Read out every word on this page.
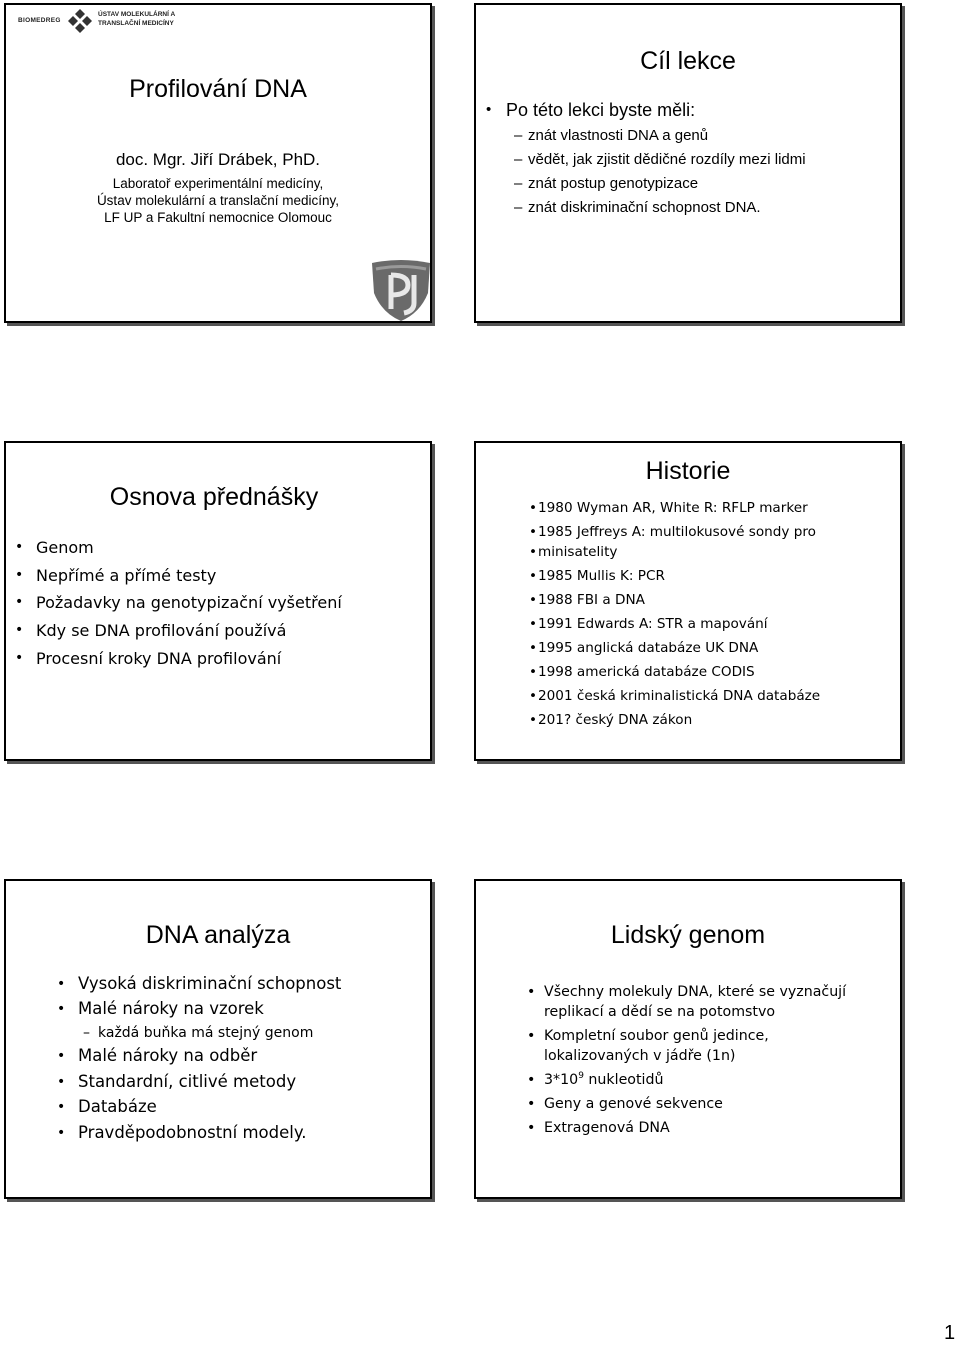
BIOMEDREG
ÚSTAV MOLEKULÁRNÍ A
TRANSLAČNÍ MEDICÍNY
Profilování DNA
doc. Mgr. Jiří Drábek, PhD.
Laboratoř experimentální medicíny,
Ústav molekulární a translační medicíny,
LF UP a Fakultní nemocnice Olomouc
Cíl lekce
• Po této lekci byste měli:
– znát vlastnosti DNA a genů
– vědět, jak zjistit dědičné rozdíly mezi lidmi
– znát postup genotypizace
– znát diskriminační schopnost DNA.
Osnova přednášky
• Genom
• Nepřímé a přímé testy
• Požadavky na genotypizační vyšetření
• Kdy se DNA profilování používá
• Procesní kroky DNA profilování
Historie
• 1980 Wyman AR, White R: RFLP marker
• 1985 Jeffreys A: multilokusové sondy pro
• minisatelity
• 1985 Mullis K: PCR
• 1988 FBI a DNA
• 1991 Edwards A: STR a mapování
• 1995 anglická databáze UK DNA
• 1998 americká databáze CODIS
• 2001 česká kriminalistická DNA databáze
• 201? český DNA zákon
DNA analýza
• Vysoká diskriminační schopnost
• Malé nároky na vzorek
– každá buňka má stejný genom
• Malé nároky na odběr
• Standardní, citlivé metody
• Databáze
• Pravděpodobnostní modely.
Lidský genom
• Všechny molekuly DNA, které se vyznačují
replikací a dědí se na potomstvo
• Kompletní soubor genů jedince,
lokalizovaných v jádře (1n)
• $3*10^9$ nukleotidů
• Geny a genové sekvence
• Extragenová DNA
1
